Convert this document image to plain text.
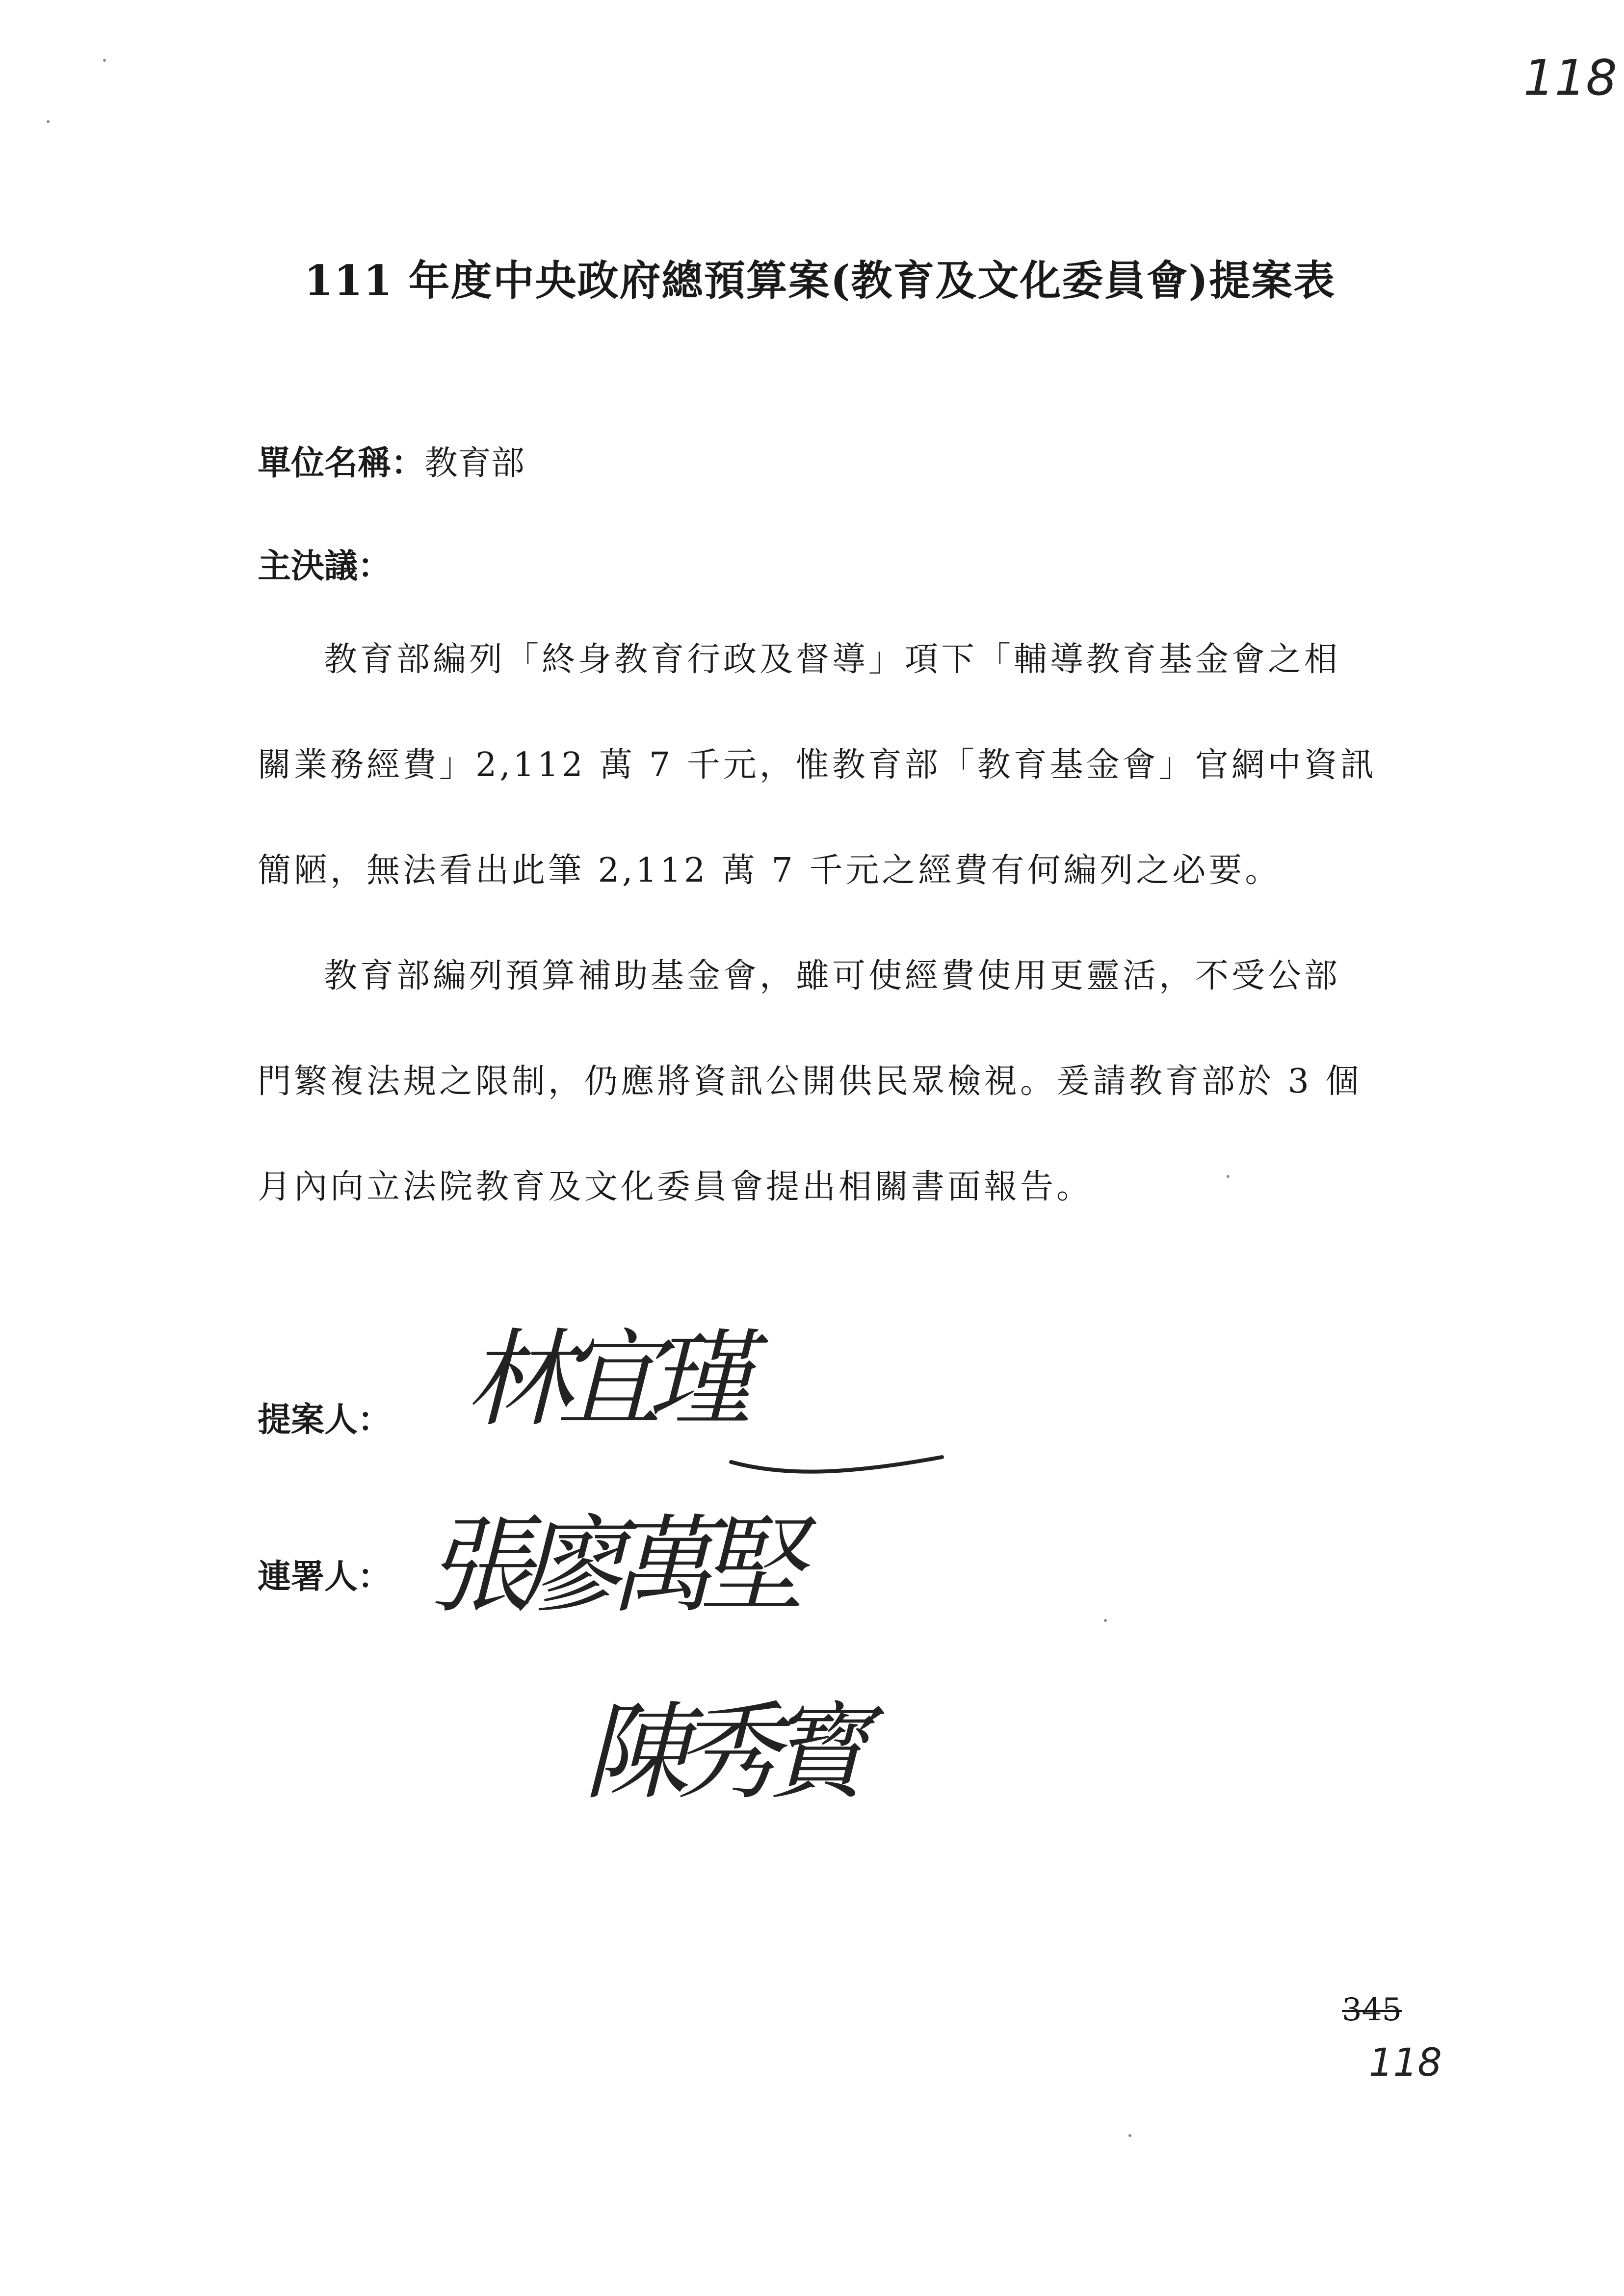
118
111 年度中央政府總預算案(教育及文化委員會)提案表
單位名稱：教育部
主決議：
教育部編列「終身教育行政及督導」項下「輔導教育基金會之相
關業務經費」2,112 萬 7 千元，惟教育部「教育基金會」官網中資訊
簡陋，無法看出此筆 2,112 萬 7 千元之經費有何編列之必要。
教育部編列預算補助基金會，雖可使經費使用更靈活，不受公部
門繁複法規之限制，仍應將資訊公開供民眾檢視。爰請教育部於 3 個
月內向立法院教育及文化委員會提出相關書面報告。
提案人： 林宜瑾
連署人： 張廖萬堅
陳秀寳
345
118
